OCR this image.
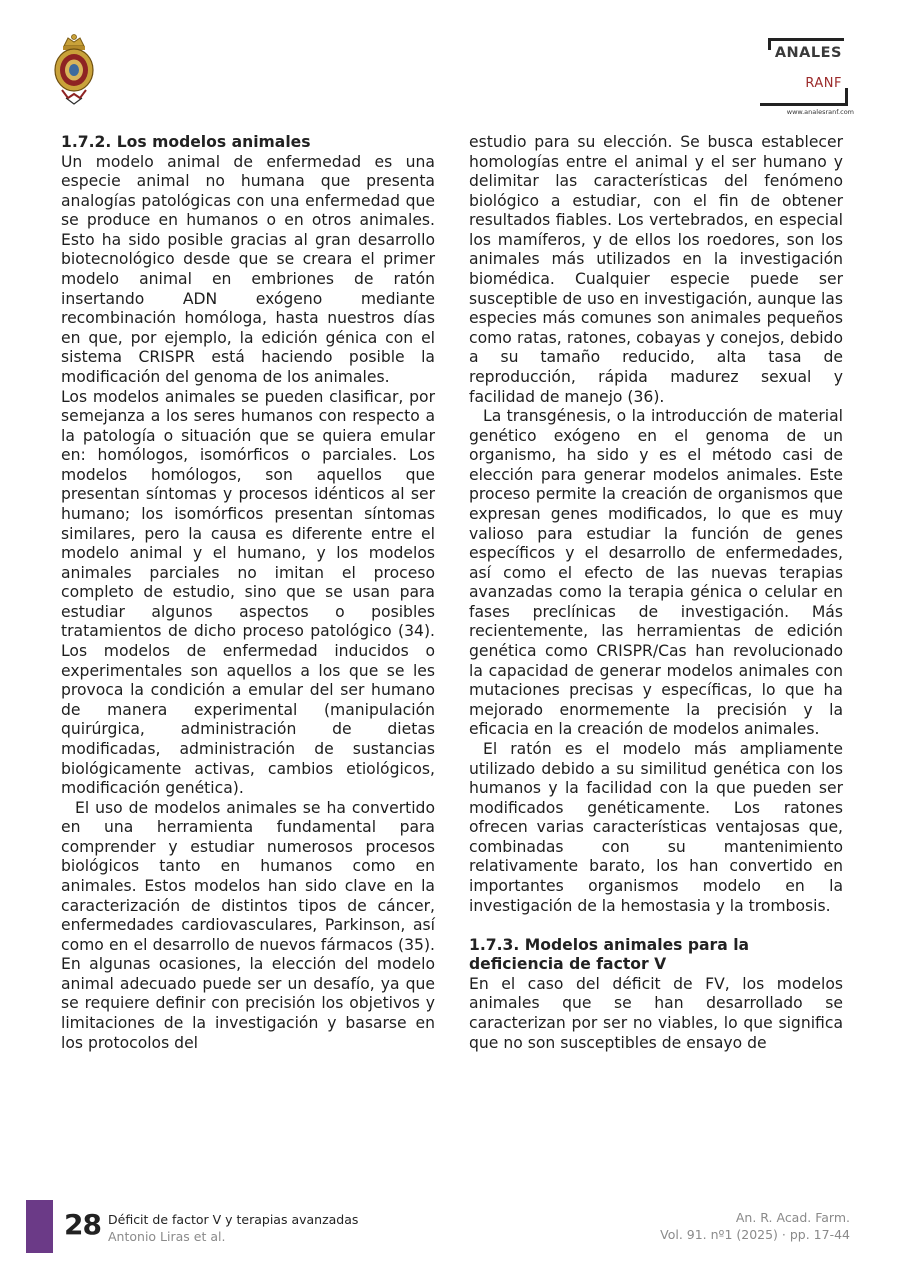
ANALES
RANF
www.analesranf.com
1.7.2. Los modelos animales

Un modelo animal de enfermedad es una especie animal no humana que presenta analogías patológicas con una enfermedad que se produce en humanos o en otros animales. Esto ha sido posible gracias al gran desarrollo biotecnológico desde que se creara el primer modelo animal en embriones de ratón insertando ADN exógeno mediante recombinación homóloga, hasta nuestros días en que, por ejemplo, la edición génica con el sistema CRISPR está haciendo posible la modificación del genoma de los animales.

Los modelos animales se pueden clasificar, por semejanza a los seres humanos con respecto a la patología o situación que se quiera emular en: homólogos, isomórficos o parciales. Los modelos homólogos, son aquellos que presentan síntomas y procesos idénticos al ser humano; los isomórficos presentan síntomas similares, pero la causa es diferente entre el modelo animal y el humano, y los modelos animales parciales no imitan el proceso completo de estudio, sino que se usan para estudiar algunos aspectos o posibles tratamientos de dicho proceso patológico (34). Los modelos de enfermedad inducidos o experimentales son aquellos a los que se les provoca la condición a emular del ser humano de manera experimental (manipulación quirúrgica, administración de dietas modificadas, administración de sustancias biológicamente activas, cambios etiológicos, modificación genética).

El uso de modelos animales se ha convertido en una herramienta fundamental para comprender y estudiar numerosos procesos biológicos tanto en humanos como en animales. Estos modelos han sido clave en la caracterización de distintos tipos de cáncer, enfermedades cardiovasculares, Parkinson, así como en el desarrollo de nuevos fármacos (35). En algunas ocasiones, la elección del modelo animal adecuado puede ser un desafío, ya que se requiere definir con precisión los objetivos y limitaciones de la investigación y basarse en los protocolos del

estudio para su elección. Se busca establecer homologías entre el animal y el ser humano y delimitar las características del fenómeno biológico a estudiar, con el fin de obtener resultados fiables. Los vertebrados, en especial los mamíferos, y de ellos los roedores, son los animales más utilizados en la investigación biomédica. Cualquier especie puede ser susceptible de uso en investigación, aunque las especies más comunes son animales pequeños como ratas, ratones, cobayas y conejos, debido a su tamaño reducido, alta tasa de reproducción, rápida madurez sexual y facilidad de manejo (36).

La transgénesis, o la introducción de material genético exógeno en el genoma de un organismo, ha sido y es el método casi de elección para generar modelos animales. Este proceso permite la creación de organismos que expresan genes modificados, lo que es muy valioso para estudiar la función de genes específicos y el desarrollo de enfermedades, así como el efecto de las nuevas terapias avanzadas como la terapia génica o celular en fases preclínicas de investigación. Más recientemente, las herramientas de edición genética como CRISPR/Cas han revolucionado la capacidad de generar modelos animales con mutaciones precisas y específicas, lo que ha mejorado enormemente la precisión y la eficacia en la creación de modelos animales.

El ratón es el modelo más ampliamente utilizado debido a su similitud genética con los humanos y la facilidad con la que pueden ser modificados genéticamente. Los ratones ofrecen varias características ventajosas que, combinadas con su mantenimiento relativamente barato, los han convertido en importantes organismos modelo en la investigación de la hemostasia y la trombosis.

1.7.3. Modelos animales para la deficiencia de factor V

En el caso del déficit de FV, los modelos animales que se han desarrollado se caracterizan por ser no viables, lo que significa que no son susceptibles de ensayo de

28 Déficit de factor V y terapias avanzadas
Antonio Liras et al.
An. R. Acad. Farm.
Vol. 91. nº1 (2025) · pp. 17-44
